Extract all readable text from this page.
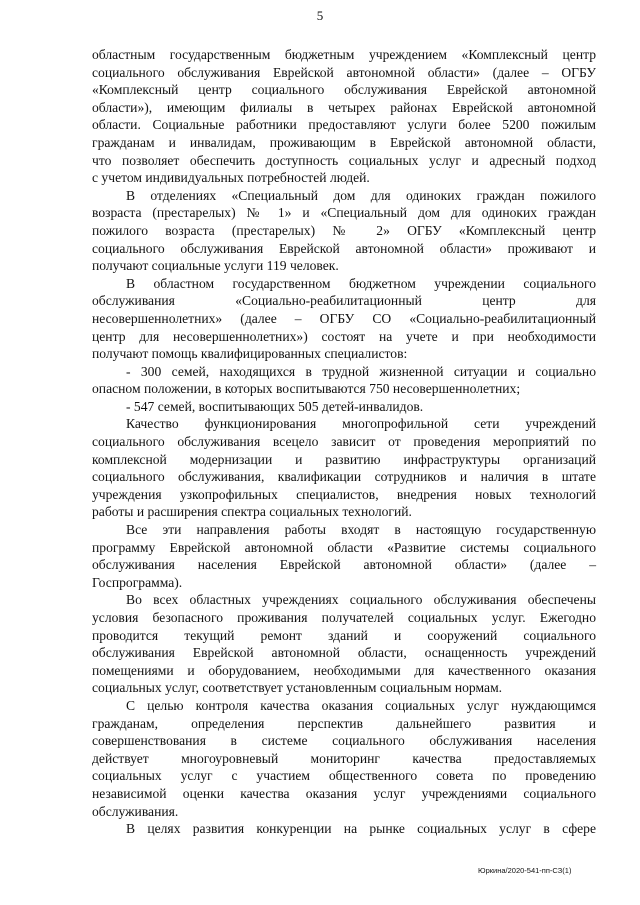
5
областным государственным бюджетным учреждением «Комплексный центр
социального обслуживания Еврейской автономной области» (далее – ОГБУ
«Комплексный центр социального обслуживания Еврейской автономной
области»), имеющим филиалы в четырех районах Еврейской автономной
области. Социальные работники предоставляют услуги более 5200 пожилым
гражданам и инвалидам, проживающим в Еврейской автономной области,
что позволяет обеспечить доступность социальных услуг и адресный подход
с учетом индивидуальных потребностей людей.
В отделениях «Специальный дом для одиноких граждан пожилого
возраста (престарелых) № 1» и «Специальный дом для одиноких граждан
пожилого возраста (престарелых) № 2» ОГБУ «Комплексный центр
социального обслуживания Еврейской автономной области» проживают и
получают социальные услуги 119 человек.
В областном государственном бюджетном учреждении социального
обслуживания «Социально-реабилитационный центр для
несовершеннолетних» (далее – ОГБУ СО «Социально-реабилитационный
центр для несовершеннолетних») состоят на учете и при необходимости
получают помощь квалифицированных специалистов:
- 300 семей, находящихся в трудной жизненной ситуации и социально
опасном положении, в которых воспитываются 750 несовершеннолетних;
- 547 семей, воспитывающих 505 детей-инвалидов.
Качество функционирования многопрофильной сети учреждений
социального обслуживания всецело зависит от проведения мероприятий по
комплексной модернизации и развитию инфраструктуры организаций
социального обслуживания, квалификации сотрудников и наличия в штате
учреждения узкопрофильных специалистов, внедрения новых технологий
работы и расширения спектра социальных технологий.
Все эти направления работы входят в настоящую государственную
программу Еврейской автономной области «Развитие системы социального
обслуживания населения Еврейской автономной области» (далее –
Госпрограмма).
Во всех областных учреждениях социального обслуживания обеспечены
условия безопасного проживания получателей социальных услуг. Ежегодно
проводится текущий ремонт зданий и сооружений социального
обслуживания Еврейской автономной области, оснащенность учреждений
помещениями и оборудованием, необходимыми для качественного оказания
социальных услуг, соответствует установленным социальным нормам.
С целью контроля качества оказания социальных услуг нуждающимся
гражданам, определения перспектив дальнейшего развития и
совершенствования в системе социального обслуживания населения
действует многоуровневый мониторинг качества предоставляемых
социальных услуг с участием общественного совета по проведению
независимой оценки качества оказания услуг учреждениями социального
обслуживания.
В целях развития конкуренции на рынке социальных услуг в сфере
Юркина/2020-541-пп-СЗ(1)
